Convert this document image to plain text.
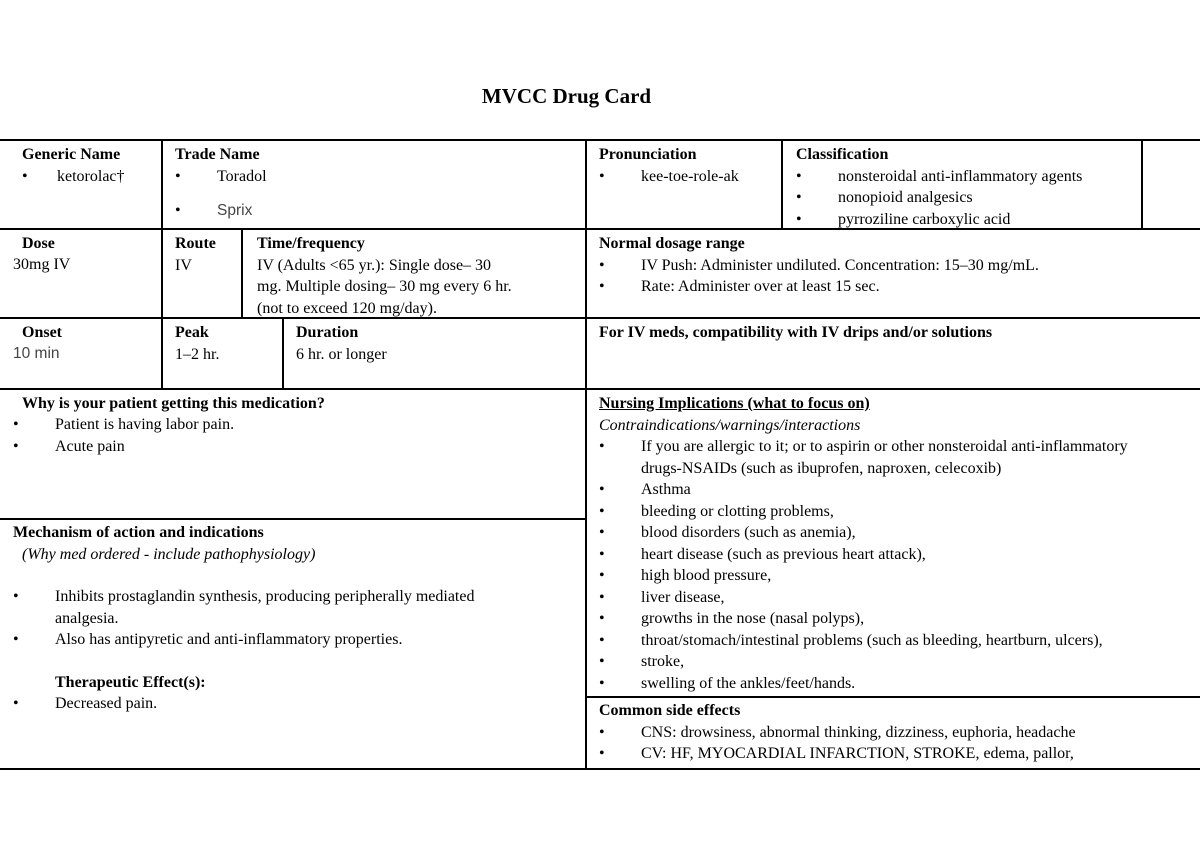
MVCC Drug Card
Generic Name
• ketorolac†
Trade Name
• Toradol
• Sprix
Pronunciation
• kee-toe-role-ak
Classification
• nonsteroidal anti-inflammatory agents
• nonopioid analgesics
• pyrroziline carboxylic acid
Dose
30mg IV
Route
IV
Time/frequency
IV (Adults <65 yr.): Single dose– 30
mg. Multiple dosing– 30 mg every 6 hr.
(not to exceed 120 mg/day).
Normal dosage range
• IV Push: Administer undiluted. Concentration: 15–30 mg/mL.
• Rate: Administer over at least 15 sec.
Onset
10 min
Peak
1–2 hr.
Duration
6 hr. or longer
For IV meds, compatibility with IV drips and/or solutions
Why is your patient getting this medication?
• Patient is having labor pain.
• Acute pain
Mechanism of action and indications
(Why med ordered - include pathophysiology)
• Inhibits prostaglandin synthesis, producing peripherally mediated
analgesia.
• Also has antipyretic and anti-inflammatory properties.
Therapeutic Effect(s):
• Decreased pain.
Nursing Implications (what to focus on)
Contraindications/warnings/interactions
• If you are allergic to it; or to aspirin or other nonsteroidal anti-inflammatory
drugs-NSAIDs (such as ibuprofen, naproxen, celecoxib)
• Asthma
• bleeding or clotting problems,
• blood disorders (such as anemia),
• heart disease (such as previous heart attack),
• high blood pressure,
• liver disease,
• growths in the nose (nasal polyps),
• throat/stomach/intestinal problems (such as bleeding, heartburn, ulcers),
• stroke,
• swelling of the ankles/feet/hands.
Common side effects
• CNS: drowsiness, abnormal thinking, dizziness, euphoria, headache
• CV: HF, MYOCARDIAL INFARCTION, STROKE, edema, pallor,
